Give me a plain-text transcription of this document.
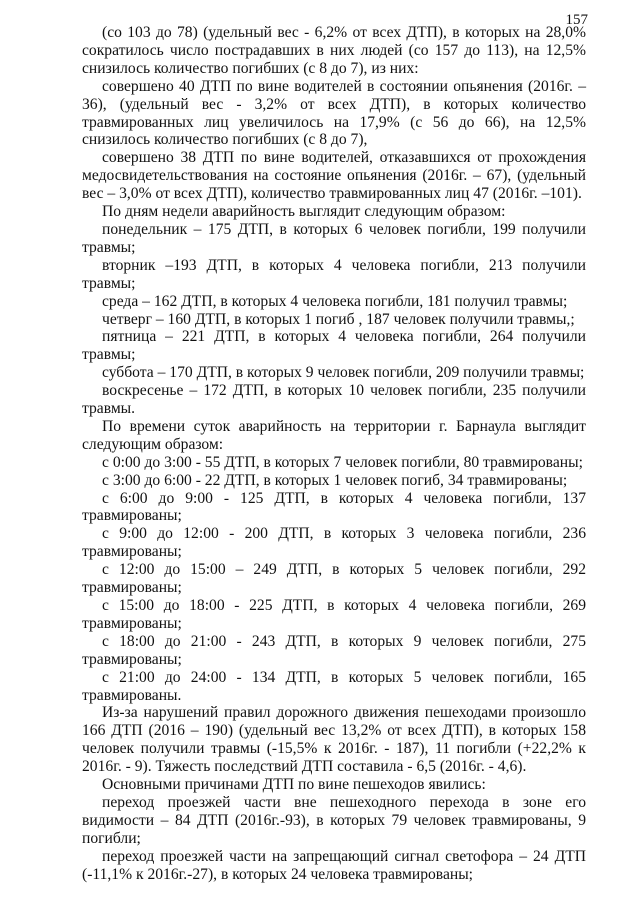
157

(со 103 до 78) (удельный вес - 6,2% от всех ДТП), в которых на 28,0% сократилось число пострадавших в них людей (со 157 до 113), на 12,5% снизилось количество погибших (с 8 до 7), из них:

совершено 40 ДТП по вине водителей в состоянии опьянения (2016г. – 36), (удельный вес - 3,2% от всех ДТП), в которых количество травмированных лиц увеличилось на 17,9% (с 56 до 66), на 12,5% снизилось количество погибших (с 8 до 7),

совершено 38 ДТП по вине водителей, отказавшихся от прохождения медосвидетельствования на состояние опьянения (2016г. – 67), (удельный вес – 3,0% от всех ДТП), количество травмированных лиц 47 (2016г. –101).

По дням недели аварийность выглядит следующим образом:

понедельник – 175 ДТП, в которых 6 человек погибли, 199 получили травмы;

вторник –193 ДТП, в которых 4 человека погибли, 213 получили травмы;

среда – 162 ДТП, в которых 4 человека погибли, 181 получил травмы;

четверг – 160 ДТП, в которых 1 погиб , 187 человек получили травмы,;

пятница – 221 ДТП, в которых 4 человека погибли, 264 получили травмы;

суббота – 170 ДТП, в которых 9 человек погибли, 209 получили травмы;

воскресенье – 172 ДТП, в которых 10 человек погибли, 235 получили травмы.

По времени суток аварийность на территории г. Барнаула выглядит следующим образом:

с 0:00 до 3:00 - 55 ДТП, в которых 7 человек погибли, 80 травмированы;

с 3:00 до 6:00 - 22 ДТП, в которых 1 человек погиб, 34 травмированы;

с 6:00 до 9:00 - 125 ДТП, в которых 4 человека погибли, 137 травмированы;

с 9:00 до 12:00 - 200 ДТП, в которых 3 человека погибли, 236 травмированы;

с 12:00 до 15:00 – 249 ДТП, в которых 5 человек погибли, 292 травмированы;

с 15:00 до 18:00 - 225 ДТП, в которых 4 человека погибли, 269 травмированы;

с 18:00 до 21:00 - 243 ДТП, в которых 9 человек погибли, 275 травмированы;

с 21:00 до 24:00 - 134 ДТП, в которых 5 человек погибли, 165 травмированы.

Из-за нарушений правил дорожного движения пешеходами произошло 166 ДТП (2016 – 190) (удельный вес 13,2% от всех ДТП), в которых 158 человек получили травмы (-15,5% к 2016г. - 187), 11 погибли (+22,2% к 2016г. - 9). Тяжесть последствий ДТП составила - 6,5 (2016г. - 4,6).

Основными причинами ДТП по вине пешеходов явились:

переход проезжей части вне пешеходного перехода в зоне его видимости – 84 ДТП (2016г.-93), в которых 79 человек травмированы, 9 погибли;

переход проезжей части на запрещающий сигнал светофора – 24 ДТП (-11,1% к 2016г.-27), в которых 24 человека травмированы;
